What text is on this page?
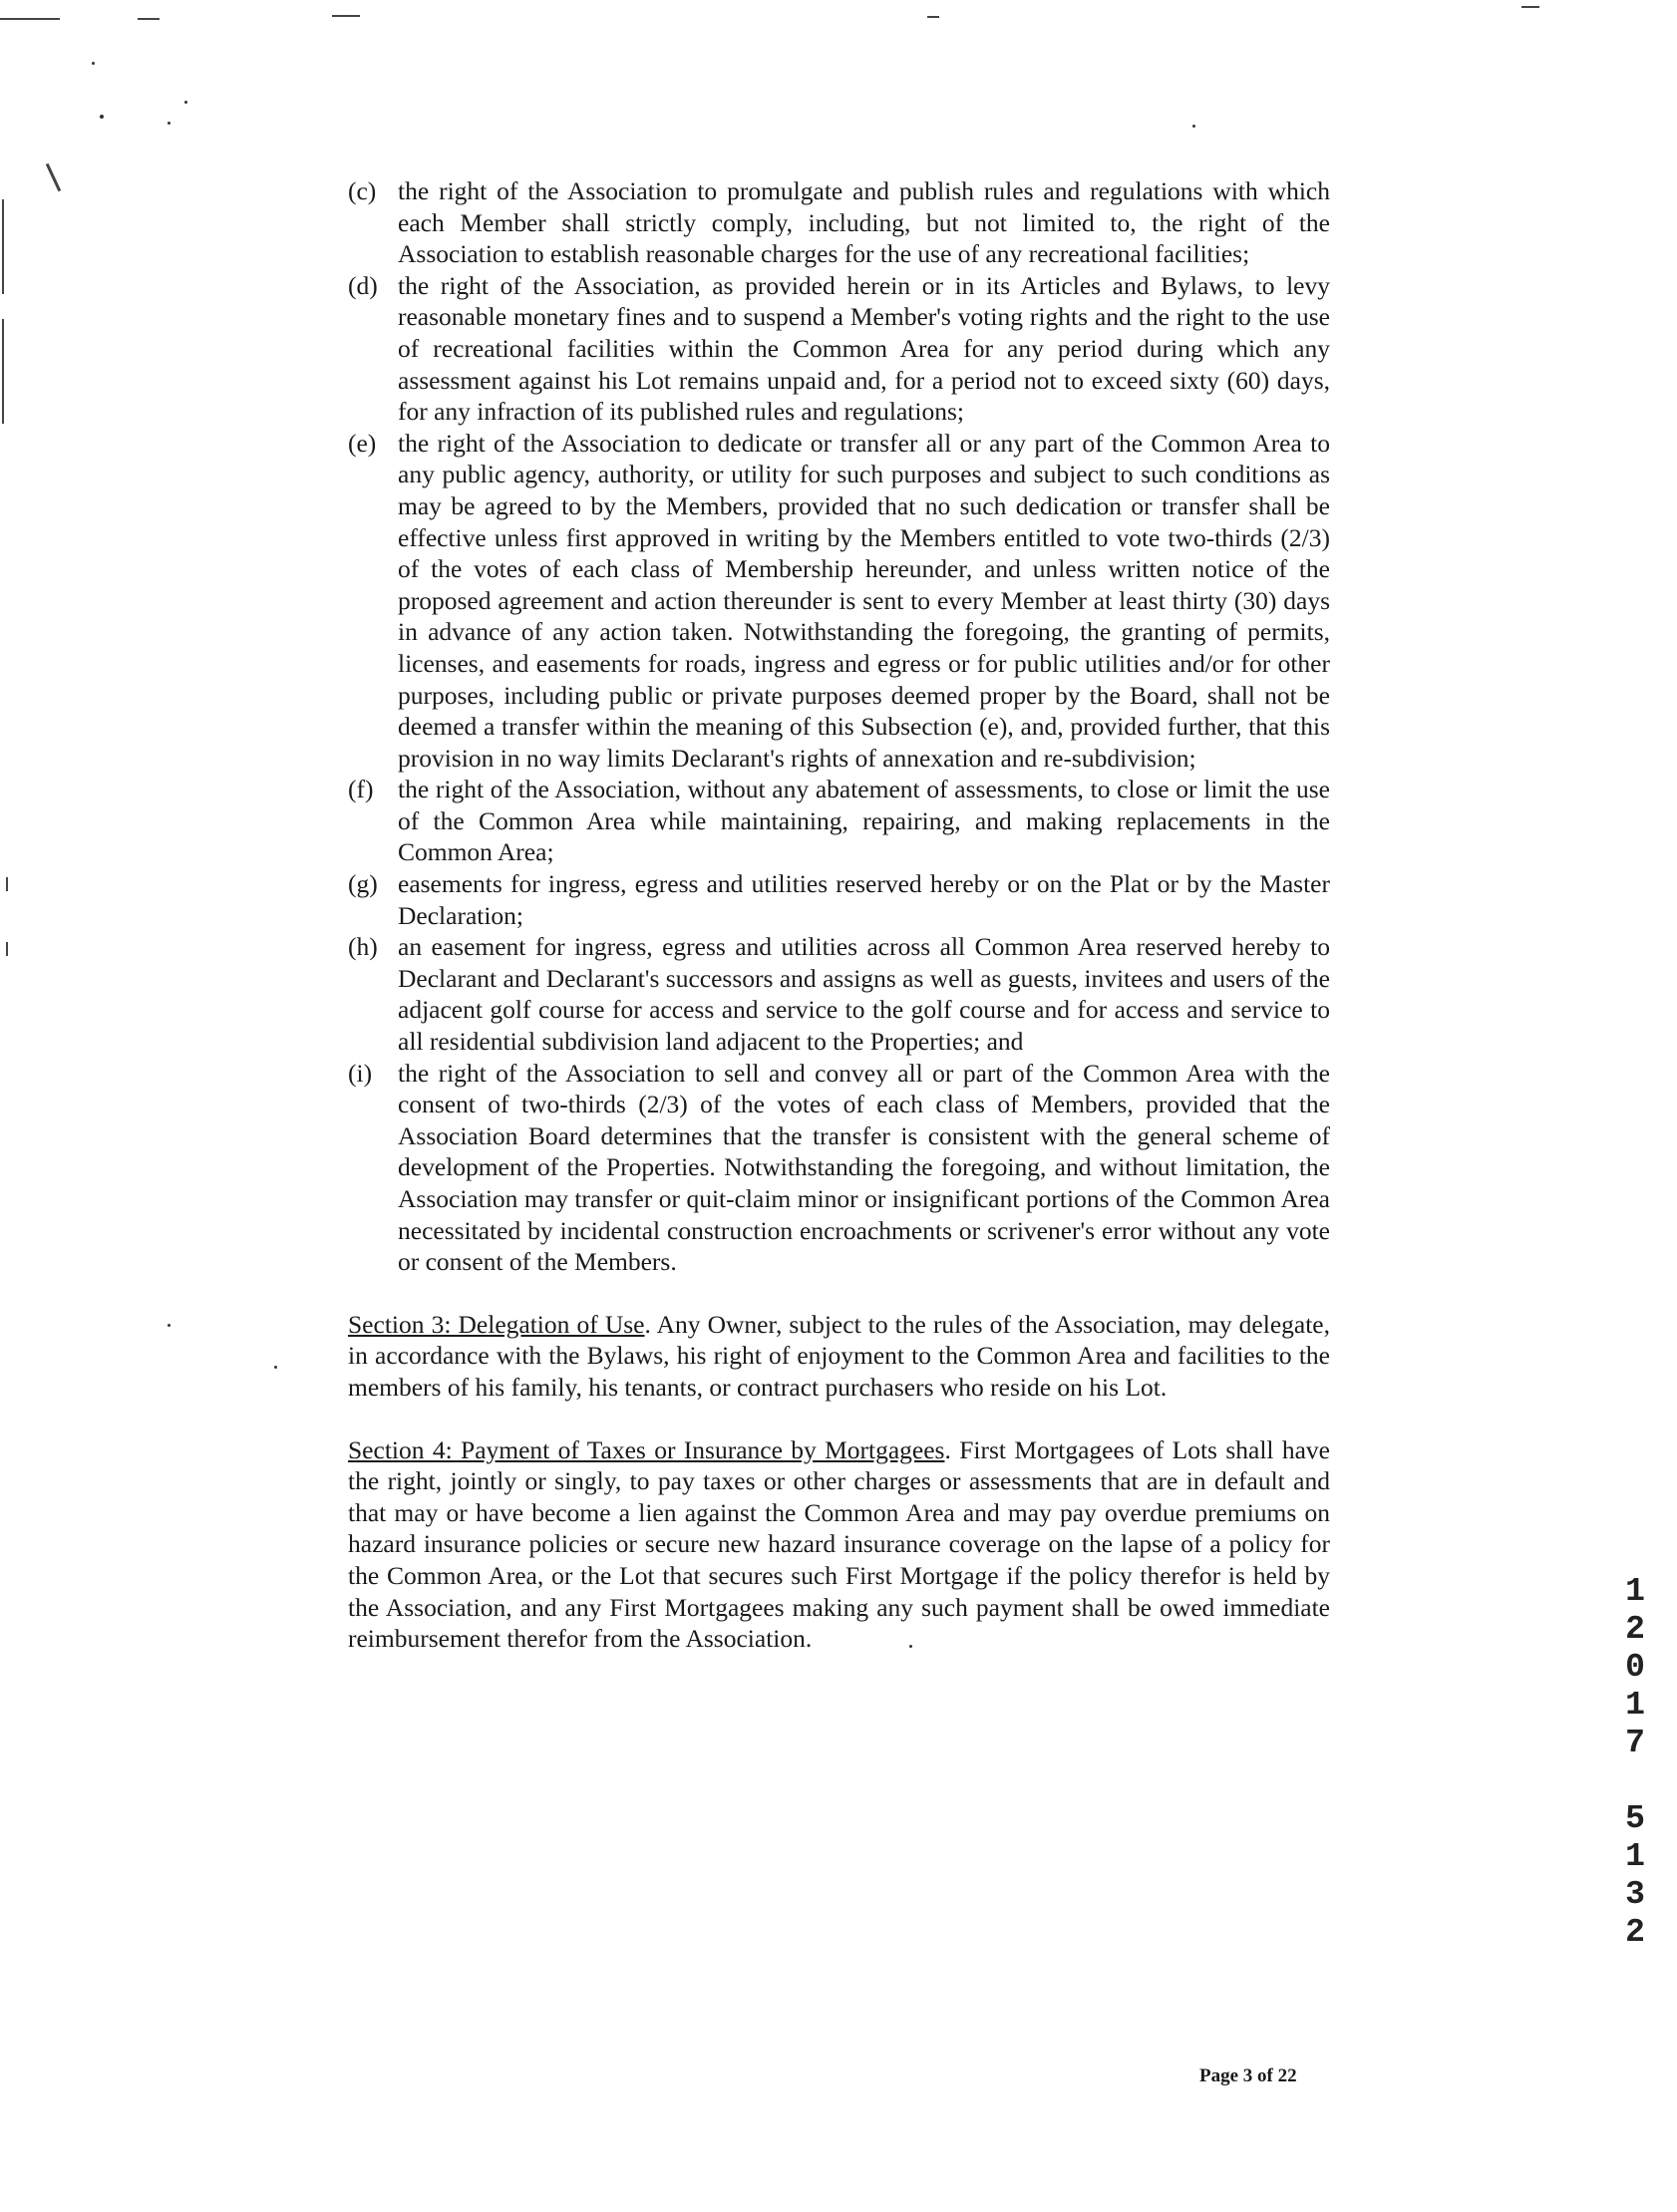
(c) the right of the Association to promulgate and publish rules and regulations with which each Member shall strictly comply, including, but not limited to, the right of the Association to establish reasonable charges for the use of any recreational facilities;

(d) the right of the Association, as provided herein or in its Articles and Bylaws, to levy reasonable monetary fines and to suspend a Member's voting rights and the right to the use of recreational facilities within the Common Area for any period during which any assessment against his Lot remains unpaid and, for a period not to exceed sixty (60) days, for any infraction of its published rules and regulations;

(e) the right of the Association to dedicate or transfer all or any part of the Common Area to any public agency, authority, or utility for such purposes and subject to such conditions as may be agreed to by the Members, provided that no such dedication or transfer shall be effective unless first approved in writing by the Members entitled to vote two-thirds (2/3) of the votes of each class of Membership hereunder, and unless written notice of the proposed agreement and action thereunder is sent to every Member at least thirty (30) days in advance of any action taken. Notwithstanding the foregoing, the granting of permits, licenses, and easements for roads, ingress and egress or for public utilities and/or for other purposes, including public or private purposes deemed proper by the Board, shall not be deemed a transfer within the meaning of this Subsection (e), and, provided further, that this provision in no way limits Declarant's rights of annexation and re-subdivision;

(f) the right of the Association, without any abatement of assessments, to close or limit the use of the Common Area while maintaining, repairing, and making replacements in the Common Area;

(g) easements for ingress, egress and utilities reserved hereby or on the Plat or by the Master Declaration;

(h) an easement for ingress, egress and utilities across all Common Area reserved hereby to Declarant and Declarant's successors and assigns as well as guests, invitees and users of the adjacent golf course for access and service to the golf course and for access and service to all residential subdivision land adjacent to the Properties; and

(i) the right of the Association to sell and convey all or part of the Common Area with the consent of two-thirds (2/3) of the votes of each class of Members, provided that the Association Board determines that the transfer is consistent with the general scheme of development of the Properties. Notwithstanding the foregoing, and without limitation, the Association may transfer or quit-claim minor or insignificant portions of the Common Area necessitated by incidental construction encroachments or scrivener's error without any vote or consent of the Members.

Section 3: Delegation of Use. Any Owner, subject to the rules of the Association, may delegate, in accordance with the Bylaws, his right of enjoyment to the Common Area and facilities to the members of his family, his tenants, or contract purchasers who reside on his Lot.

Section 4: Payment of Taxes or Insurance by Mortgagees. First Mortgagees of Lots shall have the right, jointly or singly, to pay taxes or other charges or assessments that are in default and that may or have become a lien against the Common Area and may pay overdue premiums on hazard insurance policies or secure new hazard insurance coverage on the lapse of a policy for the Common Area, or the Lot that secures such First Mortgage if the policy therefor is held by the Association, and any First Mortgagees making any such payment shall be owed immediate reimbursement therefor from the Association.

1
2
0
1
7
5
1
3
2
Page 3 of 22
